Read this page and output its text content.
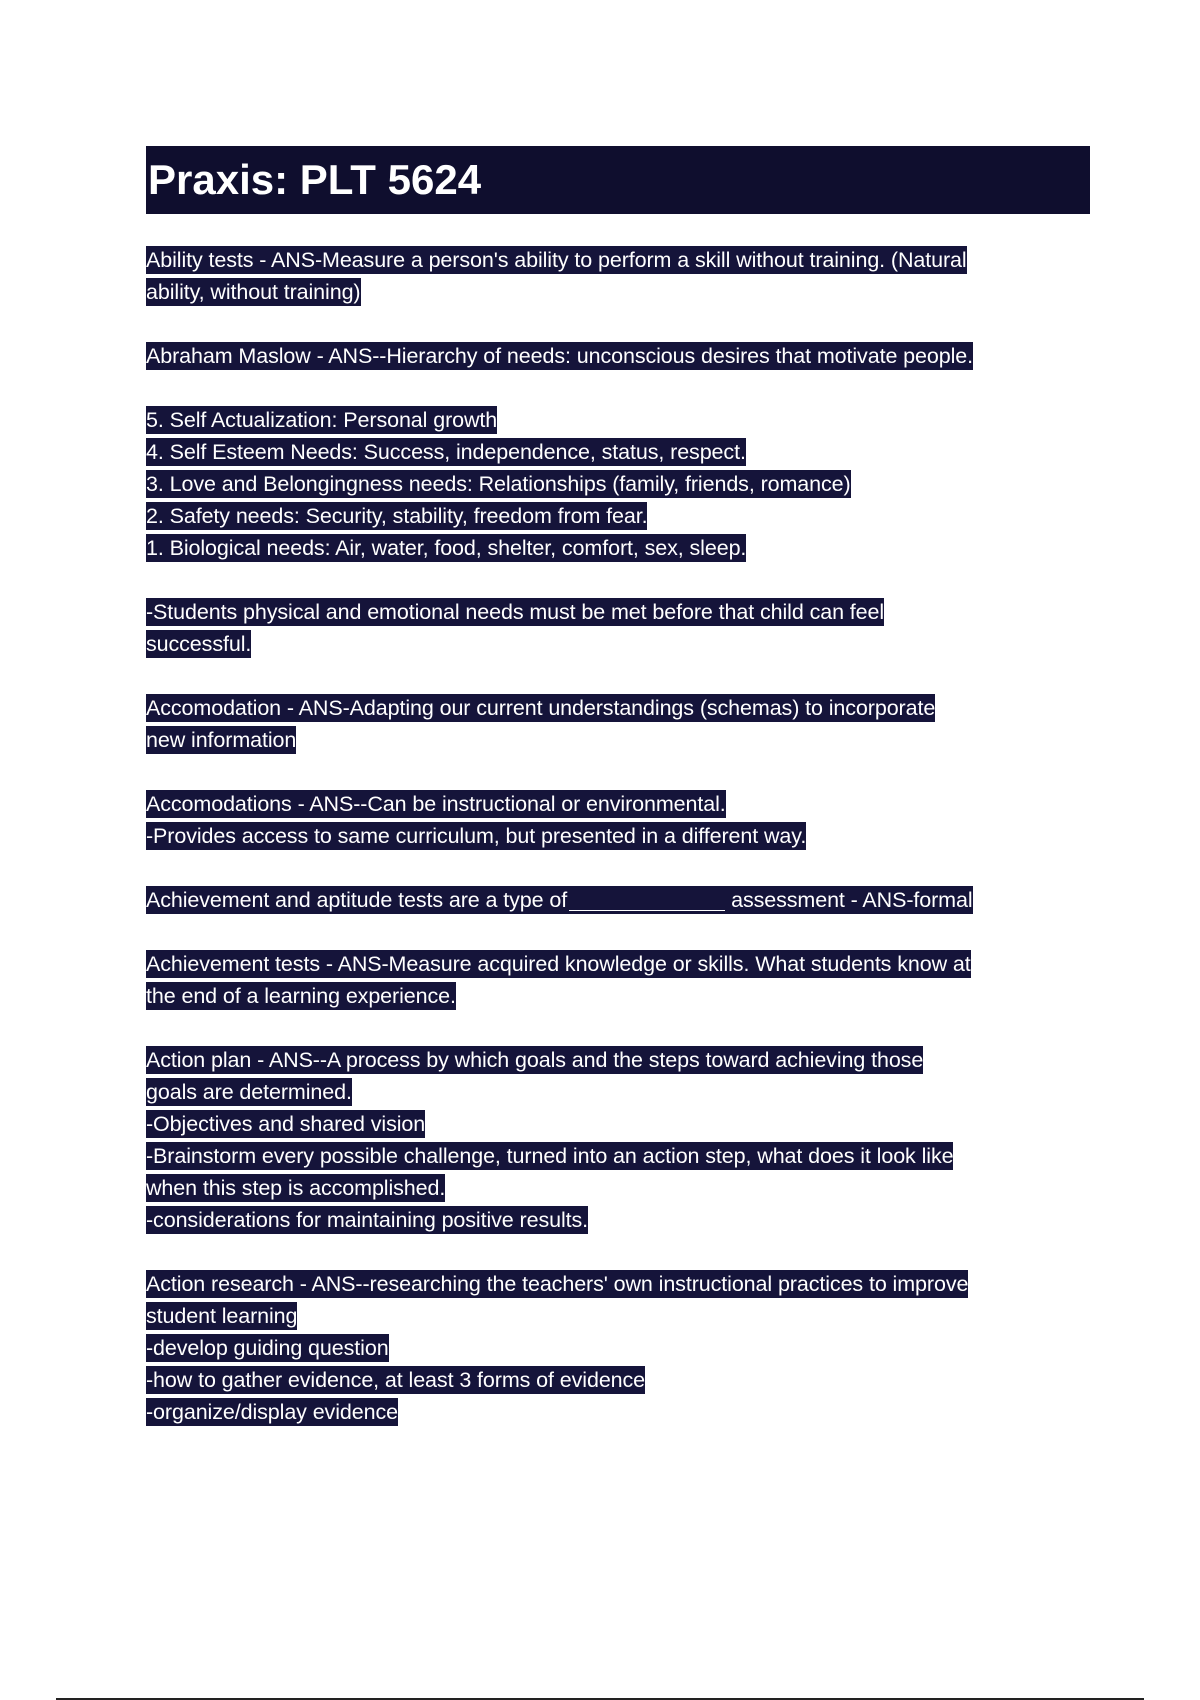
Praxis: PLT 5624
Ability tests - ANS-Measure a person's ability to perform a skill without training. (Natural
ability, without training)
Abraham Maslow - ANS--Hierarchy of needs: unconscious desires that motivate people.
5. Self Actualization: Personal growth
4. Self Esteem Needs: Success, independence, status, respect.
3. Love and Belongingness needs: Relationships (family, friends, romance)
2. Safety needs: Security, stability, freedom from fear.
1. Biological needs: Air, water, food, shelter, comfort, sex, sleep.
-Students physical and emotional needs must be met before that child can feel
successful.
Accomodation - ANS-Adapting our current understandings (schemas) to incorporate
new information
Accomodations - ANS--Can be instructional or environmental.
-Provides access to same curriculum, but presented in a different way.
Achievement and aptitude tests are a type of	assessment - ANS-formal
Achievement tests - ANS-Measure acquired knowledge or skills. What students know at
the end of a learning experience.
Action plan - ANS--A process by which goals and the steps toward achieving those
goals are determined.
-Objectives and shared vision
-Brainstorm every possible challenge, turned into an action step, what does it look like
when this step is accomplished.
-considerations for maintaining positive results.
Action research - ANS--researching the teachers' own instructional practices to improve
student learning
-develop guiding question
-how to gather evidence, at least 3 forms of evidence
-organize/display evidence
